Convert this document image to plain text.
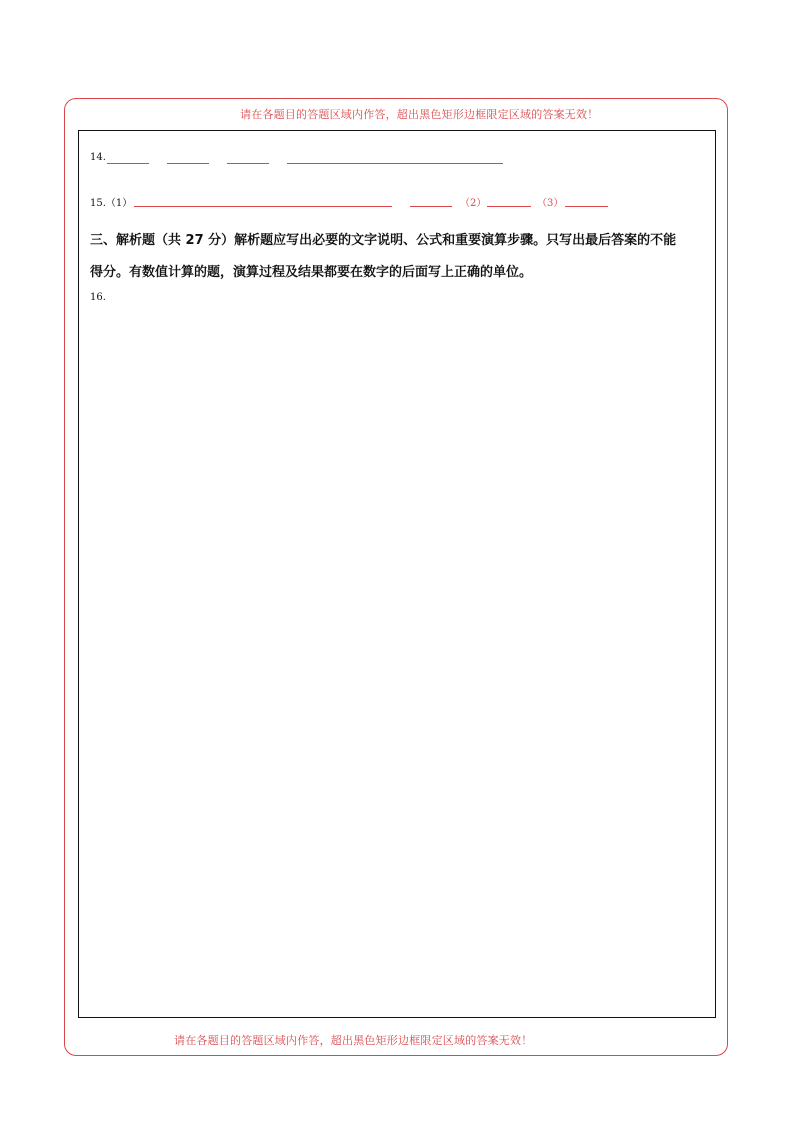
请在各题目的答题区域内作答，超出黑色矩形边框限定区域的答案无效！
14.
15.（1）	（2）	（3）
三、解析题（共 27 分）解析题应写出必要的文字说明、公式和重要演算步骤。只写出最后答案的不能
得分。有数值计算的题，演算过程及结果都要在数字的后面写上正确的单位。
16.
请在各题目的答题区域内作答，超出黑色矩形边框限定区域的答案无效！
